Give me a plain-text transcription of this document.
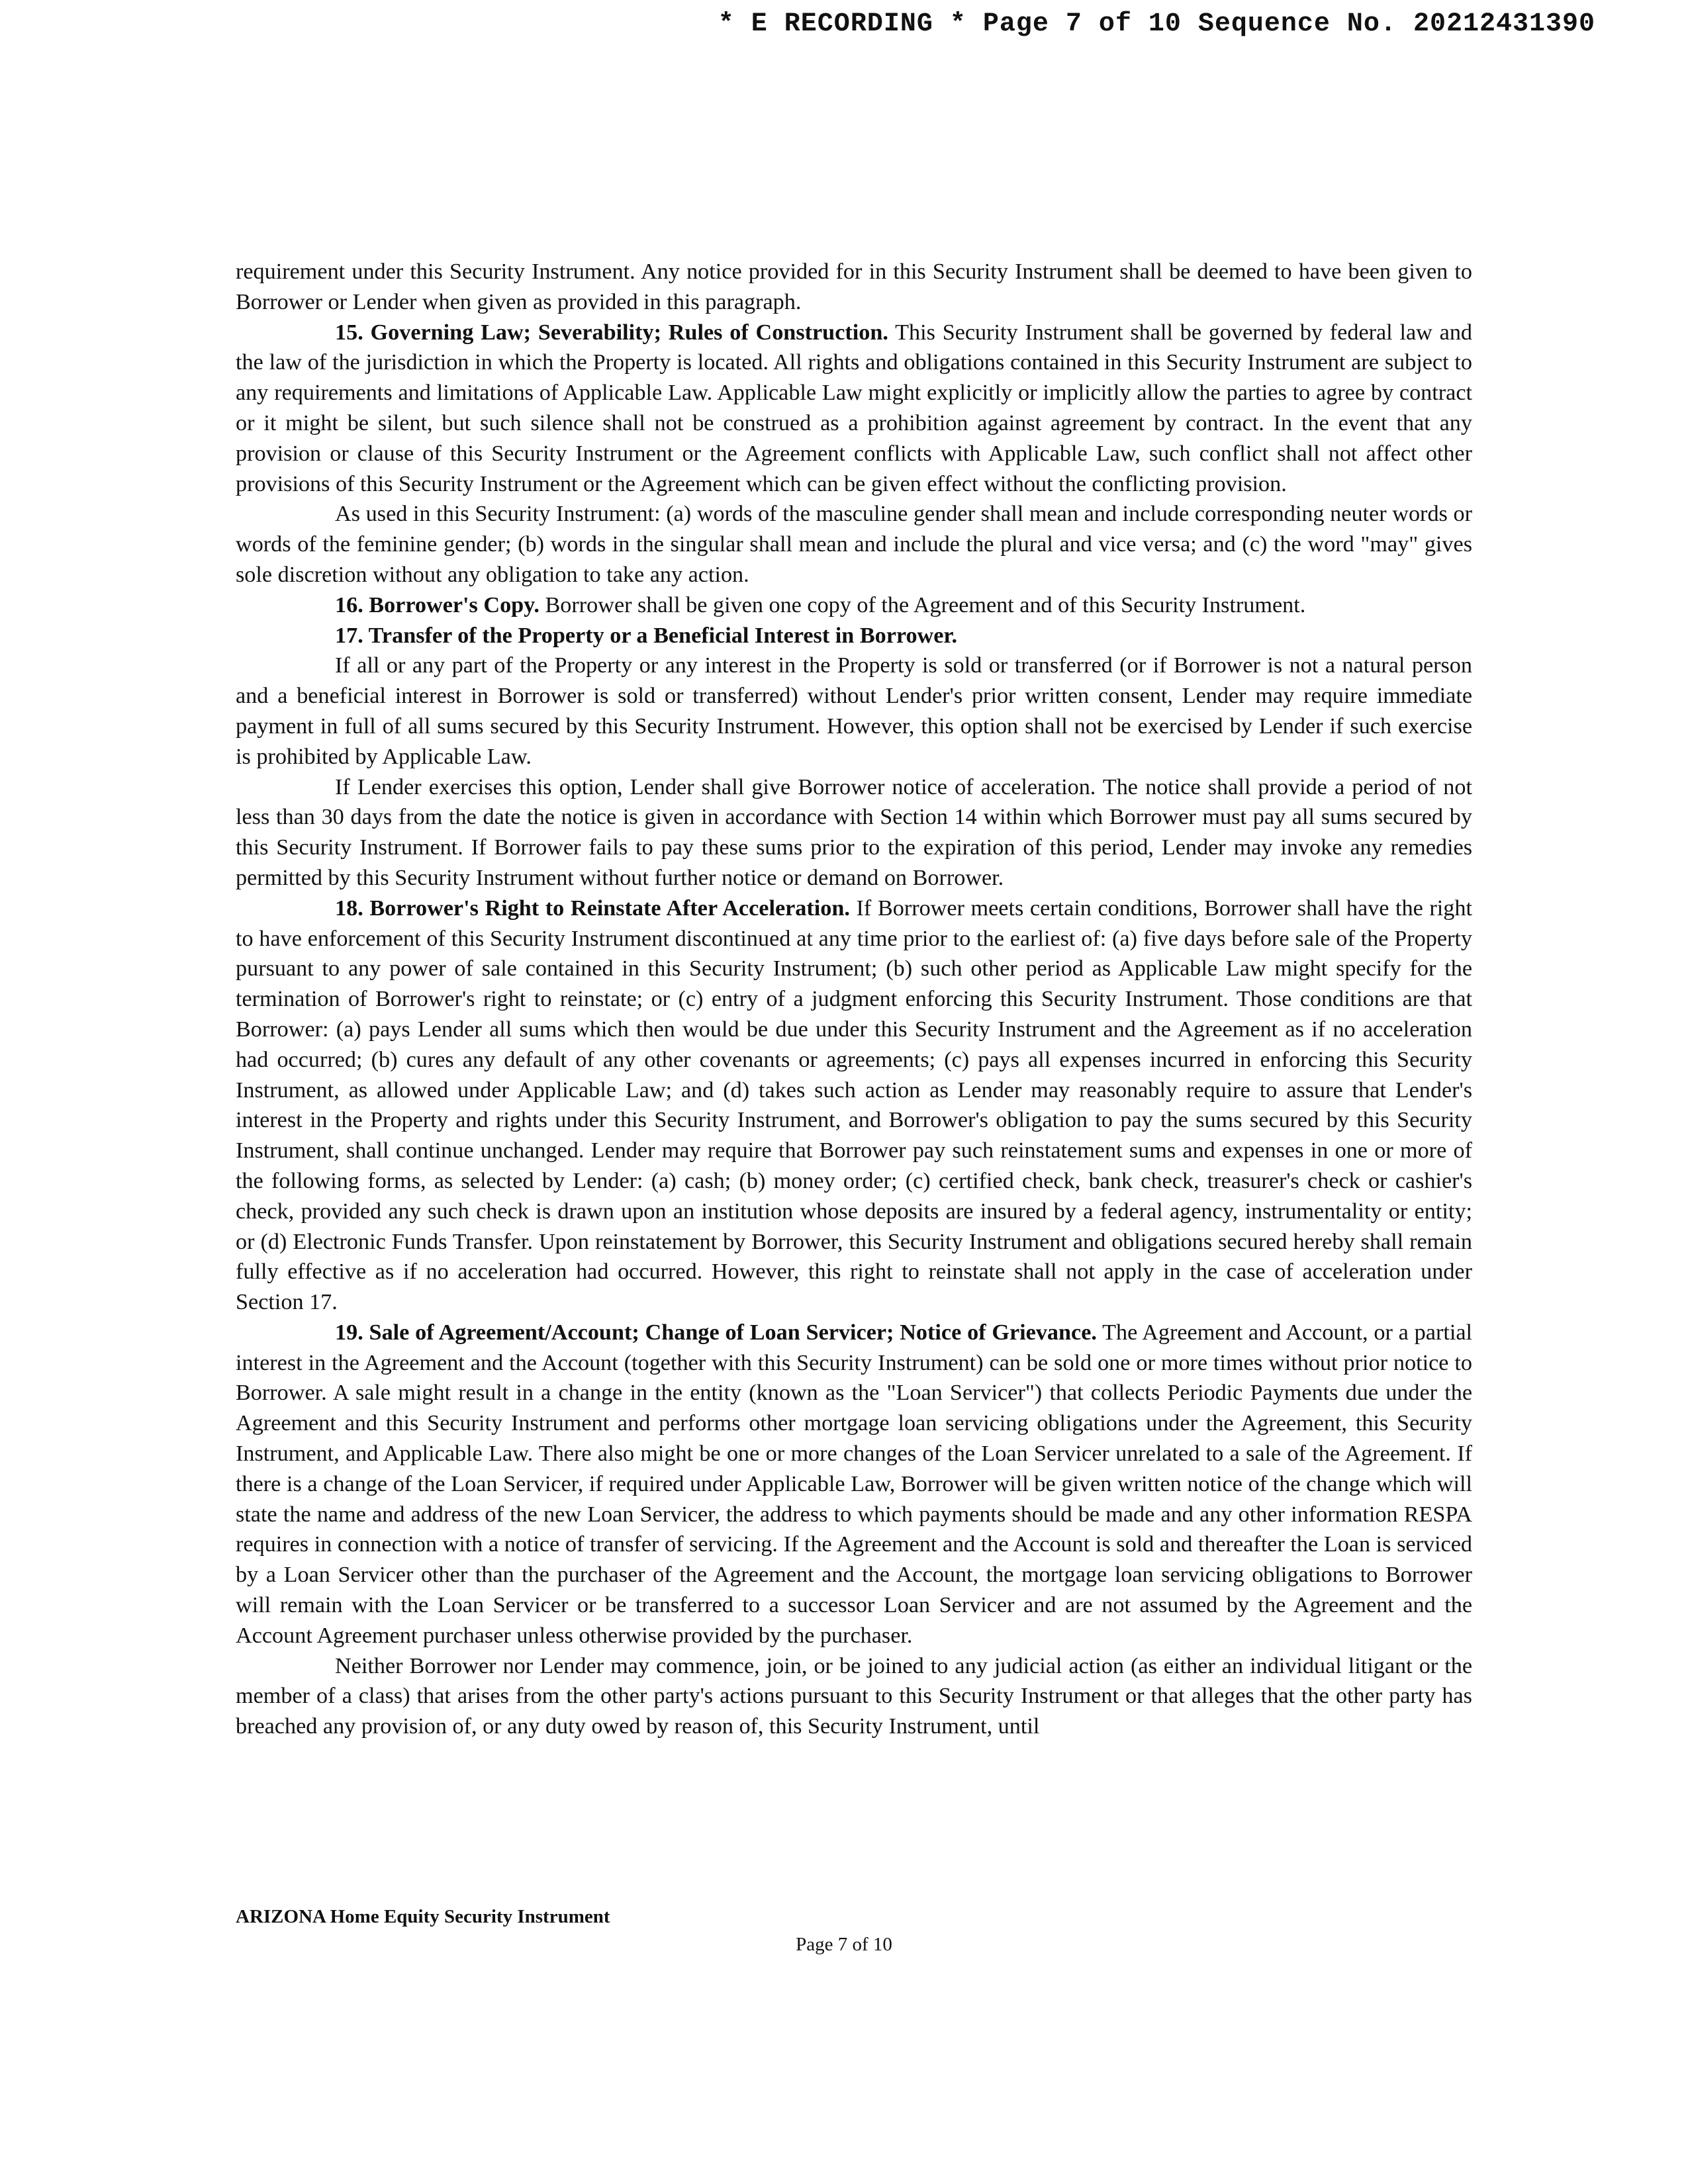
* E RECORDING * Page 7 of 10 Sequence No. 20212431390

requirement under this Security Instrument. Any notice provided for in this Security Instrument shall be deemed to have been given to Borrower or Lender when given as provided in this paragraph.

15. Governing Law; Severability; Rules of Construction. This Security Instrument shall be governed by federal law and the law of the jurisdiction in which the Property is located. All rights and obligations contained in this Security Instrument are subject to any requirements and limitations of Applicable Law. Applicable Law might explicitly or implicitly allow the parties to agree by contract or it might be silent, but such silence shall not be construed as a prohibition against agreement by contract. In the event that any provision or clause of this Security Instrument or the Agreement conflicts with Applicable Law, such conflict shall not affect other provisions of this Security Instrument or the Agreement which can be given effect without the conflicting provision.

As used in this Security Instrument: (a) words of the masculine gender shall mean and include corresponding neuter words or words of the feminine gender; (b) words in the singular shall mean and include the plural and vice versa; and (c) the word "may" gives sole discretion without any obligation to take any action.

16. Borrower's Copy. Borrower shall be given one copy of the Agreement and of this Security Instrument.

17. Transfer of the Property or a Beneficial Interest in Borrower.

If all or any part of the Property or any interest in the Property is sold or transferred (or if Borrower is not a natural person and a beneficial interest in Borrower is sold or transferred) without Lender's prior written consent, Lender may require immediate payment in full of all sums secured by this Security Instrument. However, this option shall not be exercised by Lender if such exercise is prohibited by Applicable Law.

If Lender exercises this option, Lender shall give Borrower notice of acceleration. The notice shall provide a period of not less than 30 days from the date the notice is given in accordance with Section 14 within which Borrower must pay all sums secured by this Security Instrument. If Borrower fails to pay these sums prior to the expiration of this period, Lender may invoke any remedies permitted by this Security Instrument without further notice or demand on Borrower.

18. Borrower's Right to Reinstate After Acceleration. If Borrower meets certain conditions, Borrower shall have the right to have enforcement of this Security Instrument discontinued at any time prior to the earliest of: (a) five days before sale of the Property pursuant to any power of sale contained in this Security Instrument; (b) such other period as Applicable Law might specify for the termination of Borrower's right to reinstate; or (c) entry of a judgment enforcing this Security Instrument. Those conditions are that Borrower: (a) pays Lender all sums which then would be due under this Security Instrument and the Agreement as if no acceleration had occurred; (b) cures any default of any other covenants or agreements; (c) pays all expenses incurred in enforcing this Security Instrument, as allowed under Applicable Law; and (d) takes such action as Lender may reasonably require to assure that Lender's interest in the Property and rights under this Security Instrument, and Borrower's obligation to pay the sums secured by this Security Instrument, shall continue unchanged. Lender may require that Borrower pay such reinstatement sums and expenses in one or more of the following forms, as selected by Lender: (a) cash; (b) money order; (c) certified check, bank check, treasurer's check or cashier's check, provided any such check is drawn upon an institution whose deposits are insured by a federal agency, instrumentality or entity; or (d) Electronic Funds Transfer. Upon reinstatement by Borrower, this Security Instrument and obligations secured hereby shall remain fully effective as if no acceleration had occurred. However, this right to reinstate shall not apply in the case of acceleration under Section 17.

19. Sale of Agreement/Account; Change of Loan Servicer; Notice of Grievance. The Agreement and Account, or a partial interest in the Agreement and the Account (together with this Security Instrument) can be sold one or more times without prior notice to Borrower. A sale might result in a change in the entity (known as the "Loan Servicer") that collects Periodic Payments due under the Agreement and this Security Instrument and performs other mortgage loan servicing obligations under the Agreement, this Security Instrument, and Applicable Law. There also might be one or more changes of the Loan Servicer unrelated to a sale of the Agreement. If there is a change of the Loan Servicer, if required under Applicable Law, Borrower will be given written notice of the change which will state the name and address of the new Loan Servicer, the address to which payments should be made and any other information RESPA requires in connection with a notice of transfer of servicing. If the Agreement and the Account is sold and thereafter the Loan is serviced by a Loan Servicer other than the purchaser of the Agreement and the Account, the mortgage loan servicing obligations to Borrower will remain with the Loan Servicer or be transferred to a successor Loan Servicer and are not assumed by the Agreement and the Account Agreement purchaser unless otherwise provided by the purchaser.

Neither Borrower nor Lender may commence, join, or be joined to any judicial action (as either an individual litigant or the member of a class) that arises from the other party's actions pursuant to this Security Instrument or that alleges that the other party has breached any provision of, or any duty owed by reason of, this Security Instrument, until

ARIZONA Home Equity Security Instrument
Page 7 of 10
